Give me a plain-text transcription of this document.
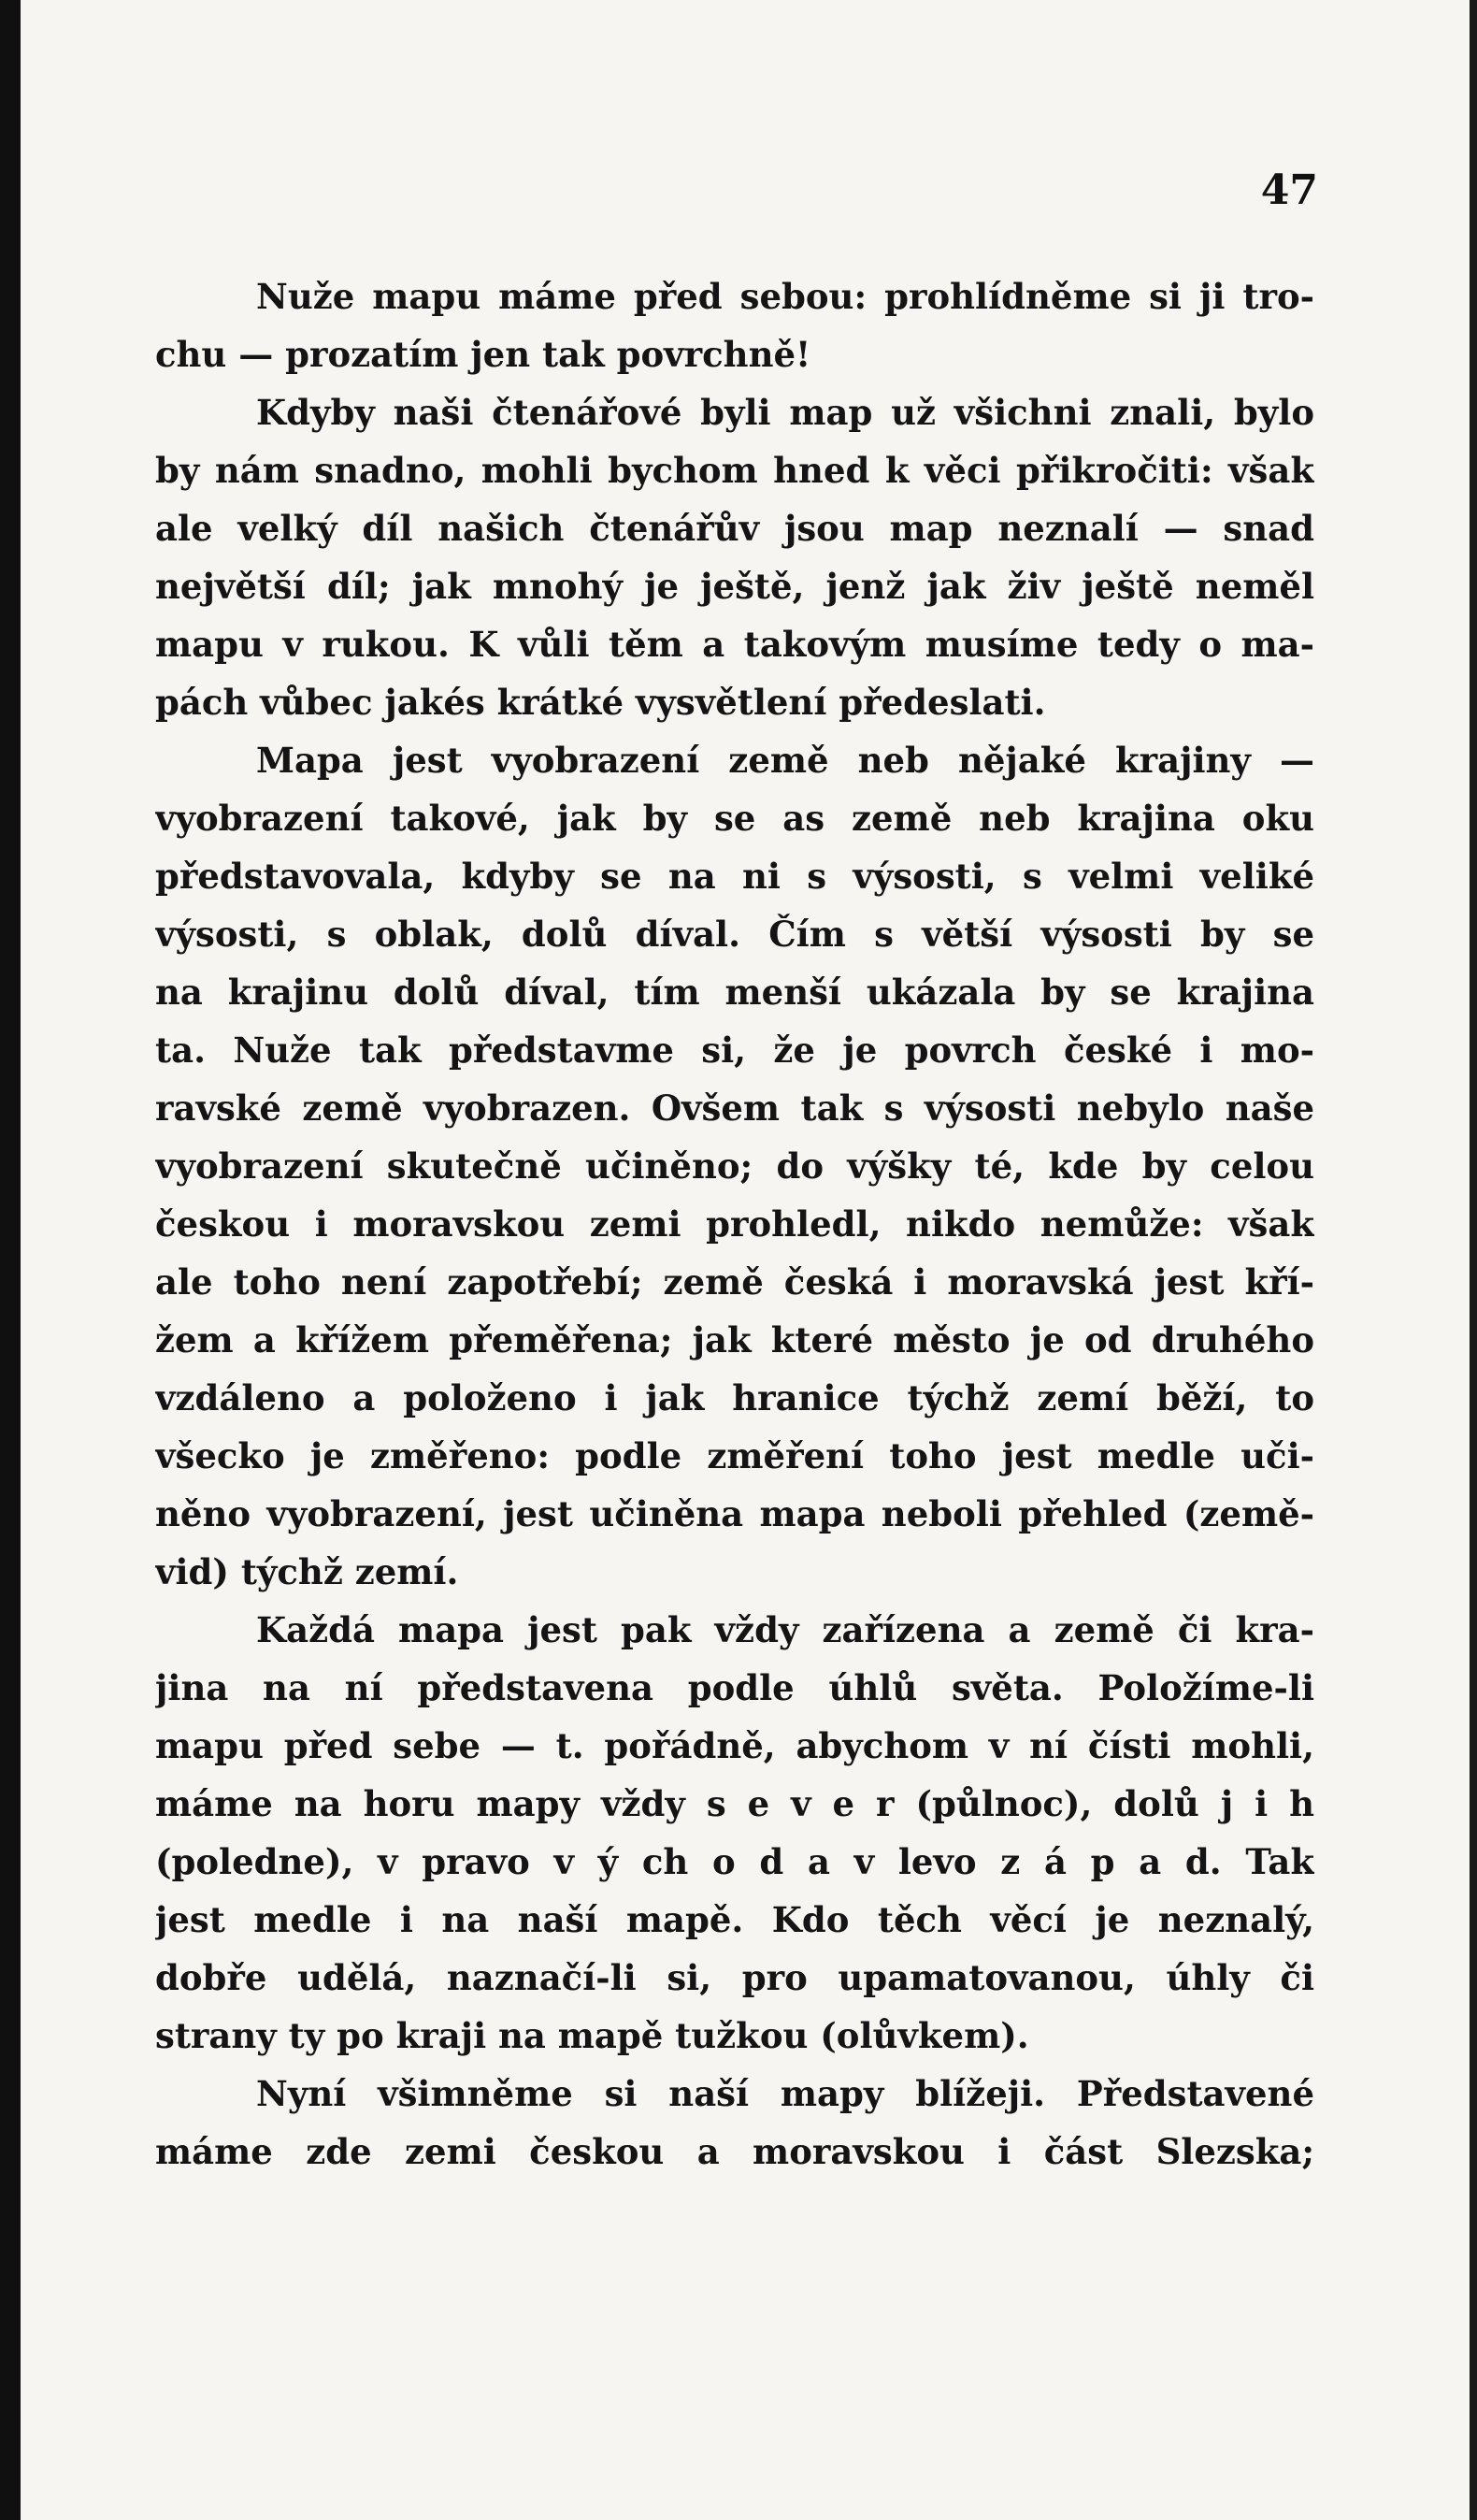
47
Nuže mapu máme před sebou: prohlídněme si ji tro-
chu — prozatím jen tak povrchně!
Kdyby naši čtenářové byli map už všichni znali, bylo
by nám snadno, mohli bychom hned k věci přikročiti: však
ale velký díl našich čtenářův jsou map neznalí — snad
největší díl; jak mnohý je ještě, jenž jak živ ještě neměl
mapu v rukou. K vůli těm a takovým musíme tedy o ma-
pách vůbec jakés krátké vysvětlení předeslati.
Mapa jest vyobrazení země neb nějaké krajiny —
vyobrazení takové, jak by se as země neb krajina oku
představovala, kdyby se na ni s výsosti, s velmi veliké
výsosti, s oblak, dolů díval. Čím s větší výsosti by se
na krajinu dolů díval, tím menší ukázala by se krajina
ta. Nuže tak představme si, že je povrch české i mo-
ravské země vyobrazen. Ovšem tak s výsosti nebylo naše
vyobrazení skutečně učiněno; do výšky té, kde by celou
českou i moravskou zemi prohledl, nikdo nemůže: však
ale toho není zapotřebí; země česká i moravská jest kří-
žem a křížem přeměřena; jak které město je od druhého
vzdáleno a položeno i jak hranice týchž zemí běží, to
všecko je změřeno: podle změření toho jest medle uči-
něno vyobrazení, jest učiněna mapa neboli přehled (země-
vid) týchž zemí.
Každá mapa jest pak vždy zařízena a země či kra-
jina na ní představena podle úhlů světa. Položíme-li
mapu před sebe — t. pořádně, abychom v ní čísti mohli,
máme na horu mapy vždy s e v e r (půlnoc), dolů j i h
(poledne), v pravo v ý ch o d a v levo z á p a d. Tak
jest medle i na naší mapě. Kdo těch věcí je neznalý,
dobře udělá, naznačí-li si, pro upamatovanou, úhly či
strany ty po kraji na mapě tužkou (olůvkem).
Nyní všimněme si naší mapy blížeji. Představené
máme zde zemi českou a moravskou i část Slezska;
